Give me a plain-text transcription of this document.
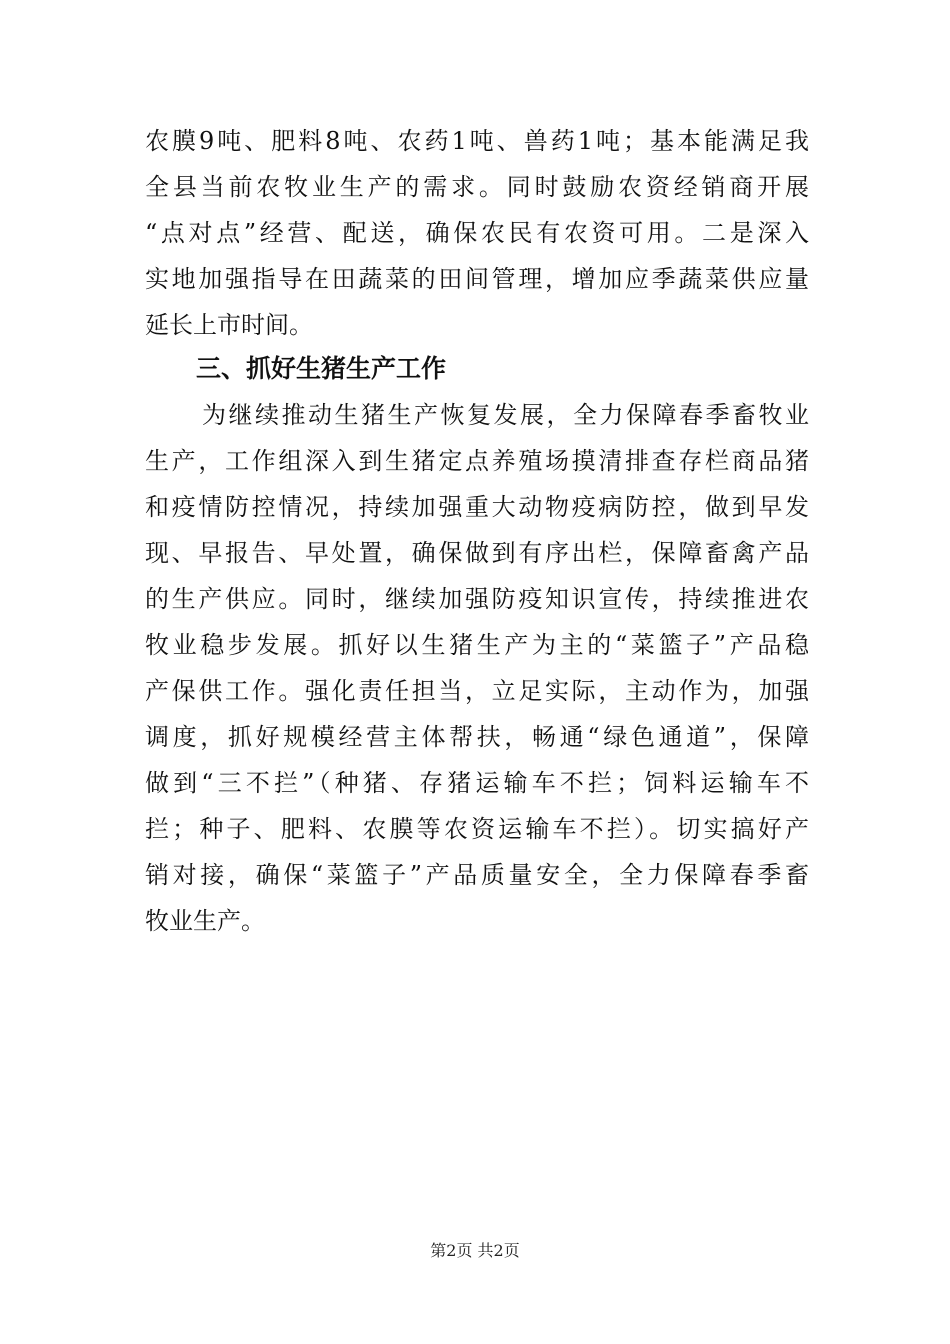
农膜9吨、肥料8吨、农药1吨、兽药1吨；基本能满足我
全县当前农牧业生产的需求。同时鼓励农资经销商开展
“点对点”经营、配送，确保农民有农资可用。二是深入
实地加强指导在田蔬菜的田间管理，增加应季蔬菜供应量
延长上市时间。
三、抓好生猪生产工作
为继续推动生猪生产恢复发展，全力保障春季畜牧业
生产，工作组深入到生猪定点养殖场摸清排查存栏商品猪
和疫情防控情况，持续加强重大动物疫病防控，做到早发
现、早报告、早处置，确保做到有序出栏，保障畜禽产品
的生产供应。同时，继续加强防疫知识宣传，持续推进农
牧业稳步发展。抓好以生猪生产为主的“菜篮子”产品稳
产保供工作。强化责任担当，立足实际，主动作为，加强
调度，抓好规模经营主体帮扶，畅通“绿色通道”，保障
做到“三不拦”（种猪、存猪运输车不拦；饲料运输车不
拦；种子、肥料、农膜等农资运输车不拦）。切实搞好产
销对接，确保“菜篮子”产品质量安全，全力保障春季畜
牧业生产。
第2页 共2页
